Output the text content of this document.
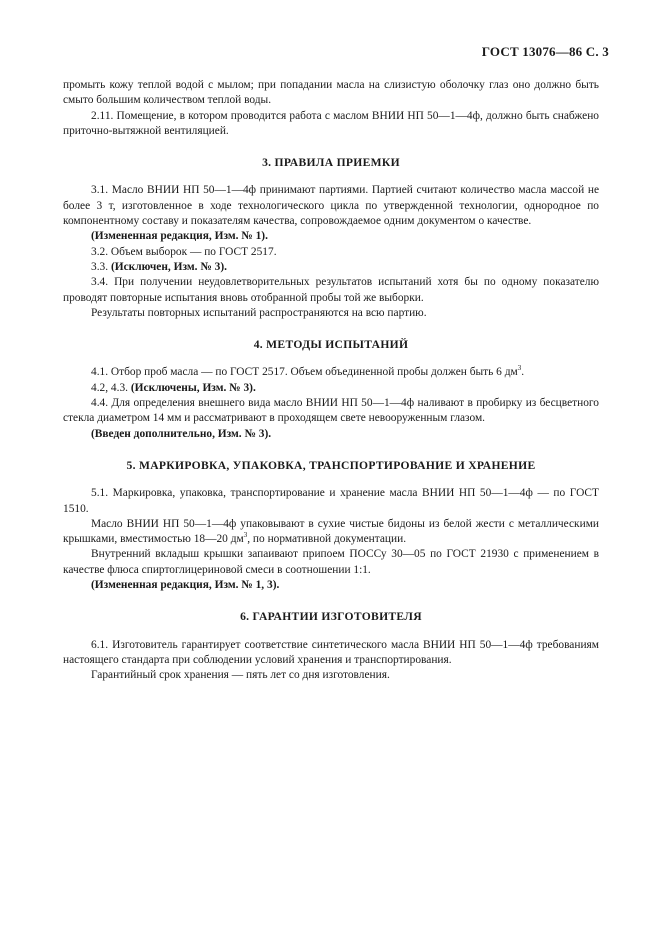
ГОСТ 13076—86 С. 3

промыть кожу теплой водой с мылом; при попадании масла на слизистую оболочку глаз оно должно быть смыто большим количеством теплой воды.

2.11. Помещение, в котором проводится работа с маслом ВНИИ НП 50—1—4ф, должно быть снабжено приточно-вытяжной вентиляцией.

3. ПРАВИЛА ПРИЕМКИ

3.1. Масло ВНИИ НП 50—1—4ф принимают партиями. Партией считают количество масла массой не более 3 т, изготовленное в ходе технологического цикла по утвержденной технологии, однородное по компонентному составу и показателям качества, сопровождаемое одним документом о качестве.

(Измененная редакция, Изм. № 1).

3.2. Объем выборок — по ГОСТ 2517.

3.3. (Исключен, Изм. № 3).

3.4. При получении неудовлетворительных результатов испытаний хотя бы по одному показателю проводят повторные испытания вновь отобранной пробы той же выборки.

Результаты повторных испытаний распространяются на всю партию.

4. МЕТОДЫ ИСПЫТАНИЙ

4.1. Отбор проб масла — по ГОСТ 2517. Объем объединенной пробы должен быть 6 $дм^3$.

4.2, 4.3. (Исключены, Изм. № 3).

4.4. Для определения внешнего вида масло ВНИИ НП 50—1—4ф наливают в пробирку из бесцветного стекла диаметром 14 мм и рассматривают в проходящем свете невооруженным глазом.

(Введен дополнительно, Изм. № 3).

5. МАРКИРОВКА, УПАКОВКА, ТРАНСПОРТИРОВАНИЕ И ХРАНЕНИЕ

5.1. Маркировка, упаковка, транспортирование и хранение масла ВНИИ НП 50—1—4ф — по ГОСТ 1510.

Масло ВНИИ НП 50—1—4ф упаковывают в сухие чистые бидоны из белой жести с металлическими крышками, вместимостью 18—20 $дм^3$, по нормативной документации.

Внутренний вкладыш крышки запаивают припоем ПОССу 30—05 по ГОСТ 21930 с применением в качестве флюса спиртоглицериновой смеси в соотношении 1:1.

(Измененная редакция, Изм. № 1, 3).

6. ГАРАНТИИ ИЗГОТОВИТЕЛЯ

6.1. Изготовитель гарантирует соответствие синтетического масла ВНИИ НП 50—1—4ф требованиям настоящего стандарта при соблюдении условий хранения и транспортирования.

Гарантийный срок хранения — пять лет со дня изготовления.
